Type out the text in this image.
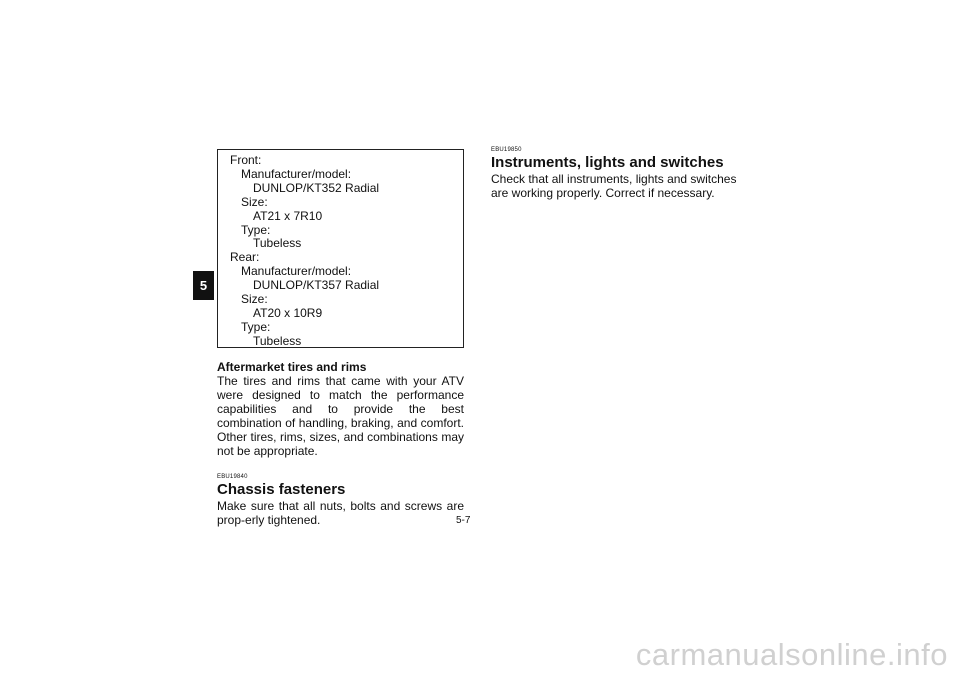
5
Front:
Manufacturer/model:
DUNLOP/KT352 Radial
Size:
AT21 x 7R10
Type:
Tubeless
Rear:
Manufacturer/model:
DUNLOP/KT357 Radial
Size:
AT20 x 10R9
Type:
Tubeless

Aftermarket tires and rims

The tires and rims that came with your ATV were designed to match the performance capabilities and to provide the best combination of handling, braking, and comfort. Other tires, rims, sizes, and combinations may not be appropriate.

EBU19840

Chassis fasteners

Make sure that all nuts, bolts and screws are prop-erly tightened.

EBU19850

Instruments, lights and switches

Check that all instruments, lights and switches are working properly. Correct if necessary.

5-7
carmanualsonline.info
